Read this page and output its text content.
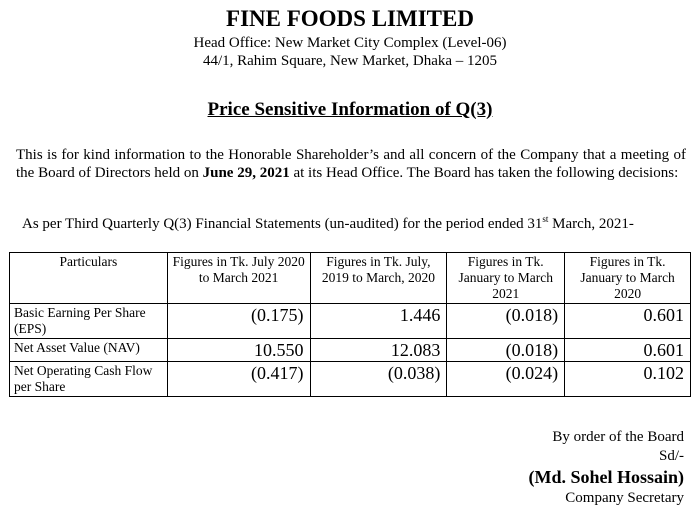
FINE FOODS LIMITED
Head Office: New Market City Complex (Level-06)
44/1, Rahim Square, New Market, Dhaka – 1205
Price Sensitive Information of Q(3)
This is for kind information to the Honorable Shareholder’s and all concern of the Company that a meeting of the Board of Directors held on June 29, 2021 at its Head Office. The Board has taken the following decisions:
As per Third Quarterly Q(3) Financial Statements (un-audited) for the period ended 31st March, 2021-
Particulars	Figures in Tk. July 2020 to March 2021	Figures in Tk. July, 2019 to March, 2020	Figures in Tk. January to March 2021	Figures in Tk. January to March 2020
Basic Earning Per Share (EPS)	(0.175)	1.446	(0.018)	0.601
Net Asset Value (NAV)	10.550	12.083	(0.018)	0.601
Net Operating Cash Flow per Share	(0.417)	(0.038)	(0.024)	0.102
By order of the Board
Sd/-
(Md. Sohel Hossain)
Company Secretary
